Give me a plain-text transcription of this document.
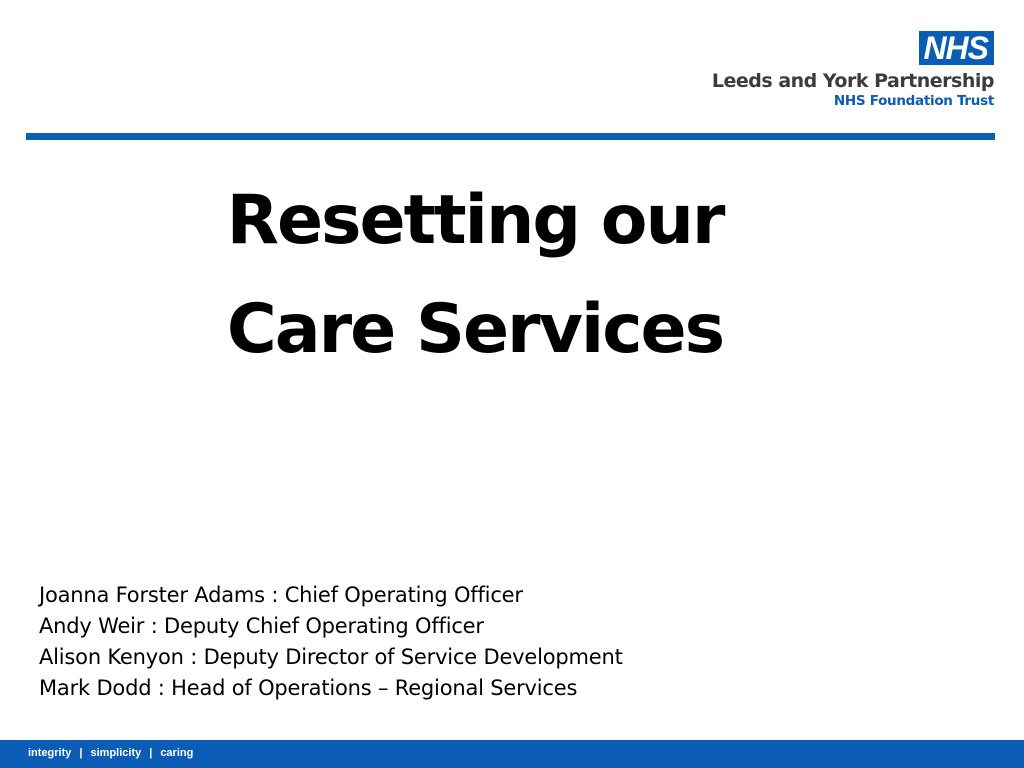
NHS
Leeds and York Partnership
NHS Foundation Trust
Resetting our
Care Services
Joanna Forster Adams : Chief Operating Officer
Andy Weir : Deputy Chief Operating Officer
Alison Kenyon : Deputy Director of Service Development
Mark Dodd : Head of Operations – Regional Services
integrity | simplicity | caring
